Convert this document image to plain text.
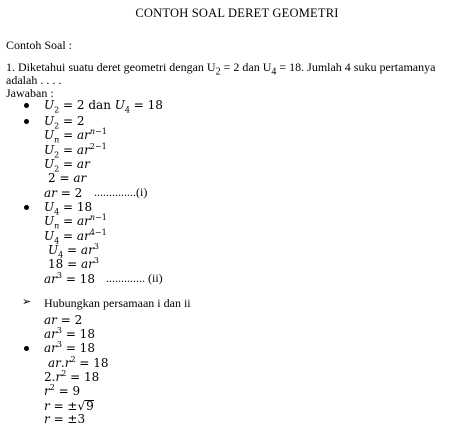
CONTOH SOAL DERET GEOMETRI
Contoh Soal :
1. Diketahui suatu deret geometri dengan $U_2 = 2$ dan $U_4 = 18$. Jumlah 4 suku pertamanya
adalah . . . .
Jawaban :
$U_2 = 2$ dan $U_4 = 18$
$U_2 = 2$
$U_n = ar^{n-1}$
$U_2 = ar^{2-1}$
$U_2$ = ar
2 = ar
ar = 2 ..............(i)
$U_4 = 18$
$U_n = ar^{n-1}$
$U_4 = ar^{4-1}$
$U_4 = ar^3$
$18 = ar^3$
$ar^3 = 18$ ............. (ii)
➢ Hubungkan persamaan i dan ii
ar = 2
$ar^3 = 18$
$ar^3 = 18$
$ar.r^2 = 18$
$2.r^2 = 18$
$r^2 = 9$
r = ±√9
r = ±3
